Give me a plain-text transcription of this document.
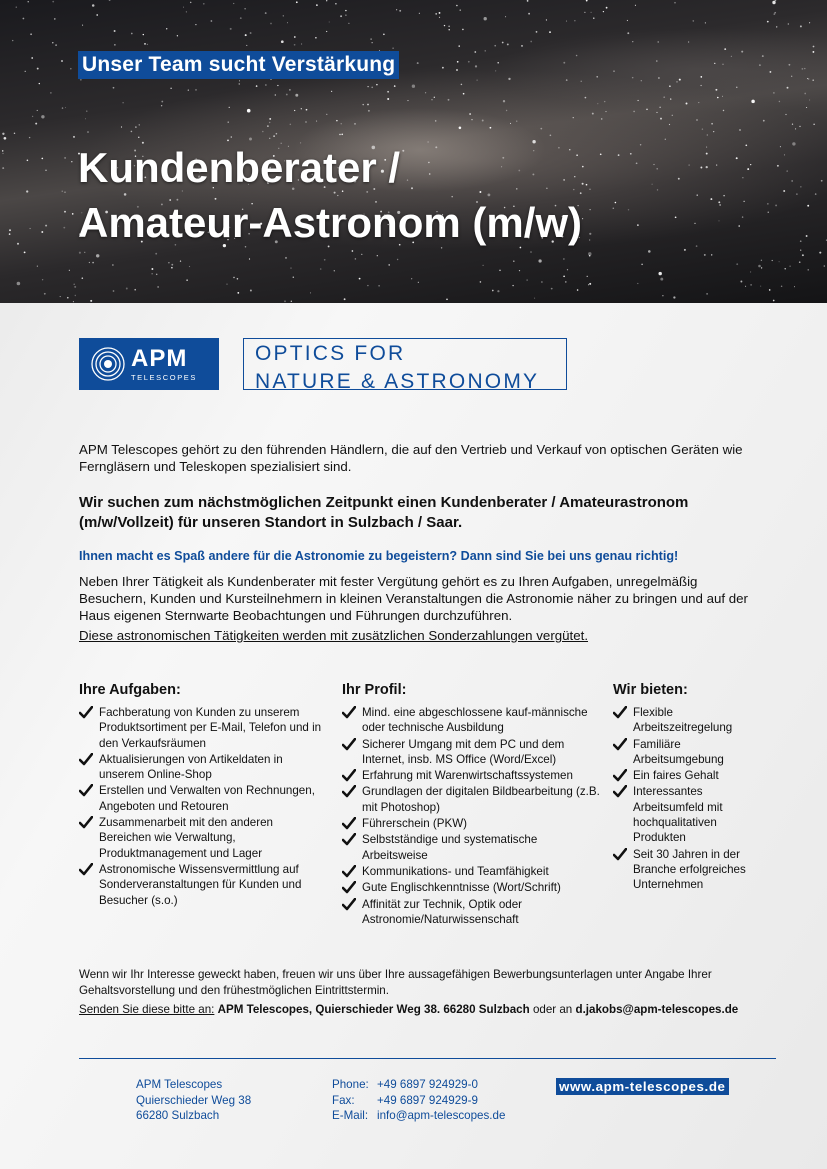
Unser Team sucht Verstärkung
Kundenberater /
Amateur-Astronom (m/w)
APM
TELESCOPES
OPTICS FOR
NATURE & ASTRONOMY

APM Telescopes gehört zu den führenden Händlern, die auf den Vertrieb und Verkauf von optischen Geräten wie Ferngläsern und Teleskopen spezialisiert sind.

Wir suchen zum nächstmöglichen Zeitpunkt einen Kundenberater / Amateurastronom (m/w/Vollzeit) für unseren Standort in Sulzbach / Saar.

Ihnen macht es Spaß andere für die Astronomie zu begeistern? Dann sind Sie bei uns genau richtig!

Neben Ihrer Tätigkeit als Kundenberater mit fester Vergütung gehört es zu Ihren Aufgaben, unregelmäßig Besuchern, Kunden und Kursteilnehmern in kleinen Veranstaltungen die Astronomie näher zu bringen und auf der Haus eigenen Sternwarte Beobachtungen und Führungen durchzuführen.

Diese astronomischen Tätigkeiten werden mit zusätzlichen Sonderzahlungen vergütet.

Ihre Aufgaben:
Fachberatung von Kunden zu unserem Produktsortiment per E-Mail, Telefon und in den Verkaufsräumen
Aktualisierungen von Artikeldaten in unserem Online-Shop
Erstellen und Verwalten von Rechnungen, Angeboten und Retouren
Zusammenarbeit mit den anderen Bereichen wie Verwaltung, Produktmanagement und Lager
Astronomische Wissensvermittlung auf Sonderveranstaltungen für Kunden und Besucher (s.o.)
Ihr Profil:
Mind. eine abgeschlossene kauf-männische oder technische Ausbildung
Sicherer Umgang mit dem PC und dem Internet, insb. MS Office (Word/Excel)
Erfahrung mit Warenwirtschaftssystemen
Grundlagen der digitalen Bildbearbeitung (z.B. mit Photoshop)
Führerschein (PKW)
Selbstständige und systematische Arbeitsweise
Kommunikations- und Teamfähigkeit
Gute Englischkenntnisse (Wort/Schrift)
Affinität zur Technik, Optik oder Astronomie/Naturwissenschaft
Wir bieten:
Flexible Arbeitszeitregelung
Familiäre Arbeitsumgebung
Ein faires Gehalt
Interessantes Arbeitsumfeld mit hochqualitativen Produkten
Seit 30 Jahren in der Branche erfolgreiches Unternehmen

Wenn wir Ihr Interesse geweckt haben, freuen wir uns über Ihre aussagefähigen Bewerbungsunterlagen unter Angabe Ihrer Gehaltsvorstellung und den frühestmöglichen Eintrittstermin.

Senden Sie diese bitte an: APM Telescopes, Quierschieder Weg 38. 66280 Sulzbach oder an d.jakobs@apm-telescopes.de

APM Telescopes
Quierschieder Weg 38
66280 Sulzbach
Phone: +49 6897 924929-0
Fax: +49 6897 924929-9
E-Mail: info@apm-telescopes.de
www.apm-telescopes.de
